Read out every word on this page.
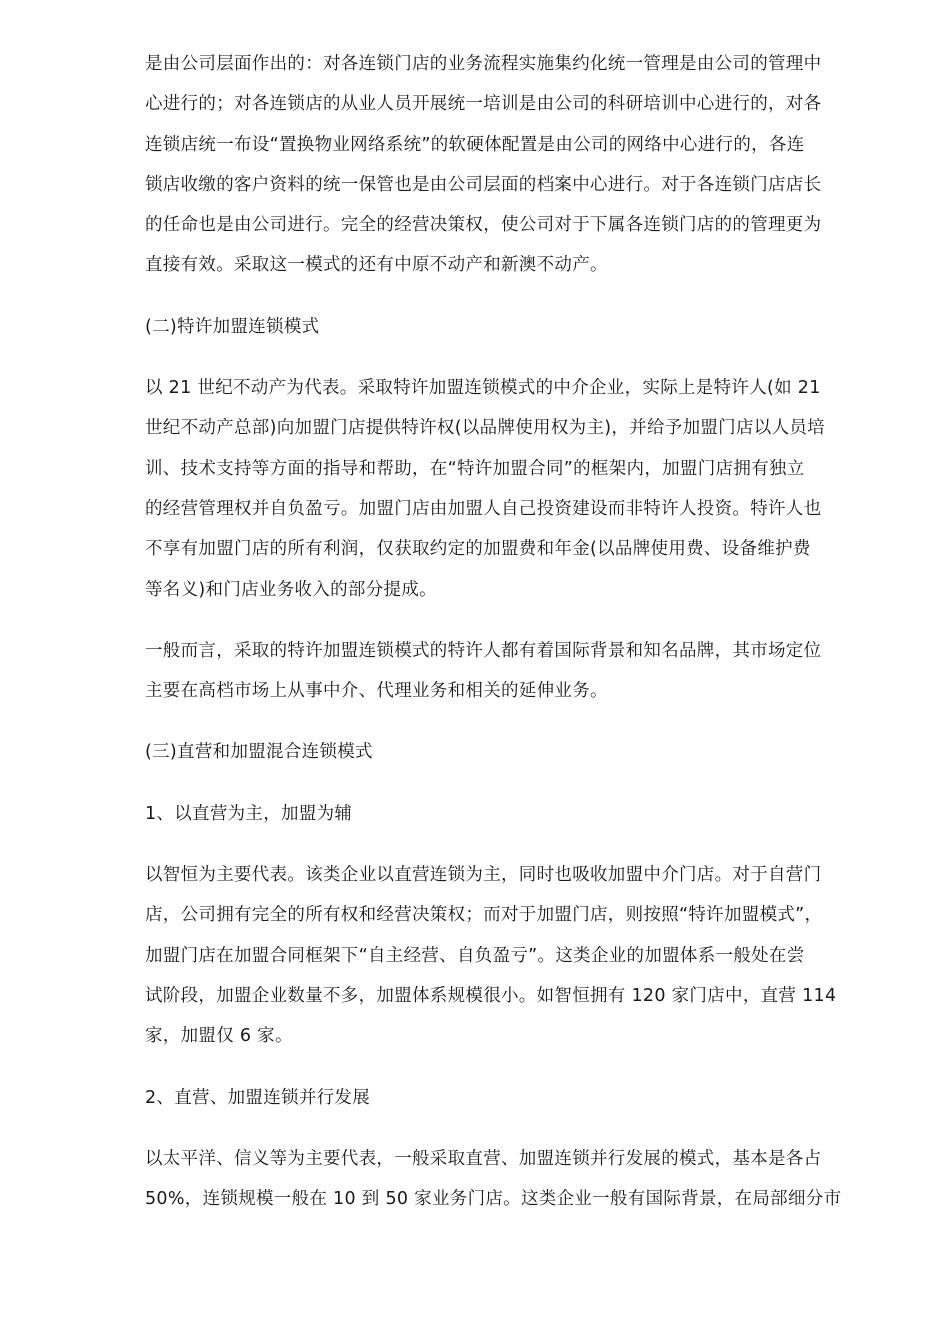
是由公司层面作出的：对各连锁门店的业务流程实施集约化统一管理是由公司的管理中
心进行的；对各连锁店的从业人员开展统一培训是由公司的科研培训中心进行的，对各
连锁店统一布设“置换物业网络系统”的软硬体配置是由公司的网络中心进行的，各连
锁店收缴的客户资料的统一保管也是由公司层面的档案中心进行。对于各连锁门店店长
的任命也是由公司进行。完全的经营决策权，使公司对于下属各连锁门店的的管理更为
直接有效。采取这一模式的还有中原不动产和新澳不动产。

(二)特许加盟连锁模式

以 21 世纪不动产为代表。采取特许加盟连锁模式的中介企业，实际上是特许人(如 21
世纪不动产总部)向加盟门店提供特许权(以品牌使用权为主)，并给予加盟门店以人员培
训、技术支持等方面的指导和帮助，在“特许加盟合同”的框架内，加盟门店拥有独立
的经营管理权并自负盈亏。加盟门店由加盟人自己投资建设而非特许人投资。特许人也
不享有加盟门店的所有利润，仅获取约定的加盟费和年金(以品牌使用费、设备维护费
等名义)和门店业务收入的部分提成。

一般而言，采取的特许加盟连锁模式的特许人都有着国际背景和知名品牌，其市场定位
主要在高档市场上从事中介、代理业务和相关的延伸业务。

(三)直营和加盟混合连锁模式

1、以直营为主，加盟为辅

以智恒为主要代表。该类企业以直营连锁为主，同时也吸收加盟中介门店。对于自营门
店，公司拥有完全的所有权和经营决策权；而对于加盟门店，则按照“特许加盟模式”，
加盟门店在加盟合同框架下“自主经营、自负盈亏”。这类企业的加盟体系一般处在尝
试阶段，加盟企业数量不多，加盟体系规模很小。如智恒拥有 120 家门店中，直营 114
家，加盟仅 6 家。

2、直营、加盟连锁并行发展

以太平洋、信义等为主要代表，一般采取直营、加盟连锁并行发展的模式，基本是各占
50%，连锁规模一般在 10 到 50 家业务门店。这类企业一般有国际背景，在局部细分市
